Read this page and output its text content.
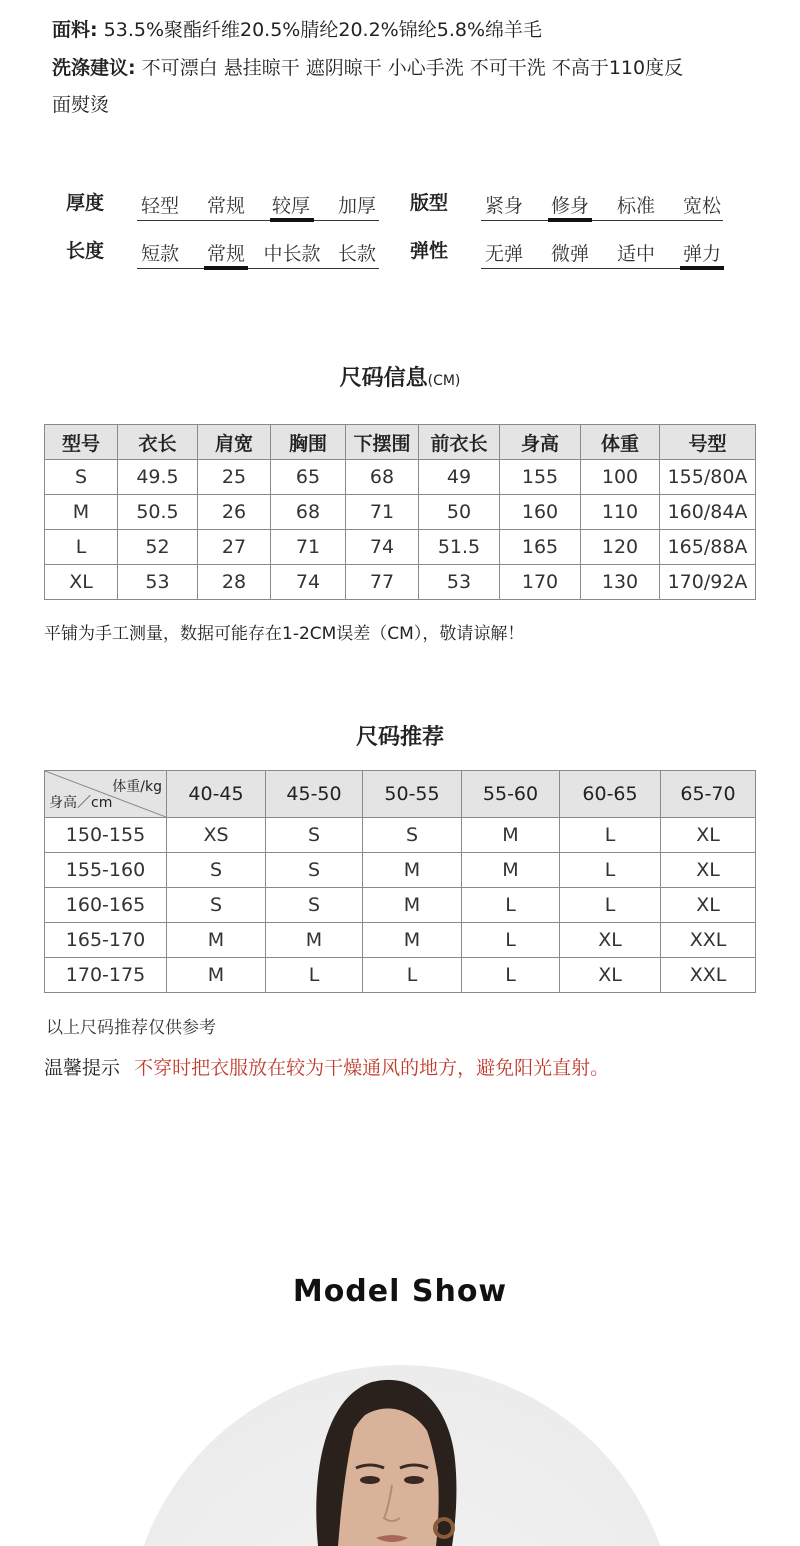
面料: 53.5%聚酯纤维20.5%腈纶20.2%锦纶5.8%绵羊毛
洗涤建议: 不可漂白 悬挂晾干 遮阴晾干 小心手洗 不可干洗 不高于110度反
面熨烫
厚度	轻型	常规	较厚	加厚	版型	紧身	修身	标准	宽松
长度	短款	常规 中长款 长款	弹性	无弹	微弹	适中	弹力
尺码信息(CM)
型号	衣长	肩宽	胸围	下摆围	前衣长	身高	体重	号型
S	49.5	25	65	68	49	155	100	155/80A
M	50.5	26	68	71	50	160	110	160/84A
L	52	27	71	74	51.5	165	120	165/88A
XL	53	28	74	77	53	170	130	170/92A
平铺为手工测量，数据可能存在1-2CM误差（CM），敬请谅解！
尺码推荐
体重/kg
身高／cm	40-45	45-50	50-55	55-60	60-65	65-70
150-155	XS	S	S	M	L	XL
155-160	S	S	M	M	L	XL
160-165	S	S	M	L	L	XL
165-170	M	M	M	L	XL	XXL
170-175	M	L	L	L	XL	XXL
以上尺码推荐仅供参考
温馨提示 不穿时把衣服放在较为干燥通风的地方，避免阳光直射。
Model Show
